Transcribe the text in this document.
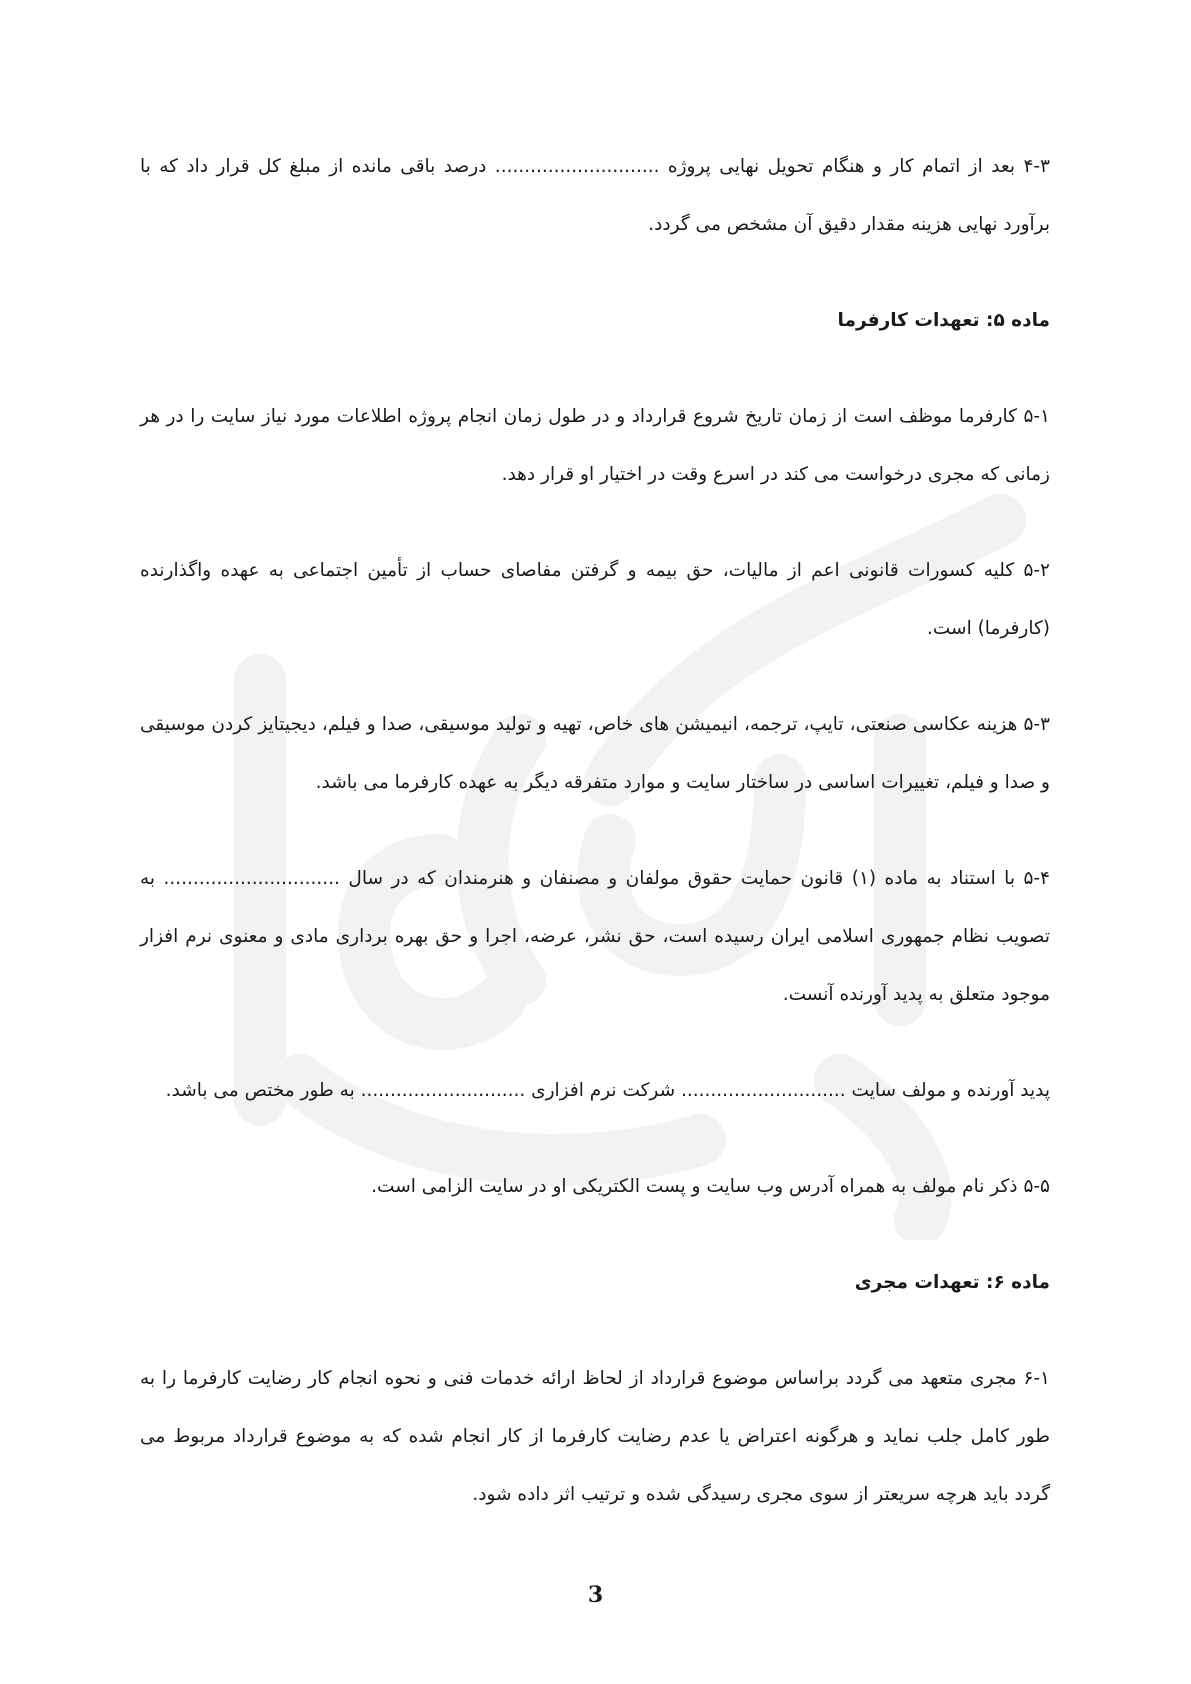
۴-۳ بعد از اتمام کار و هنگام تحویل نهایی پروژه ............................ درصد باقی مانده از مبلغ کل قرار داد که با برآورد نهایی هزینه مقدار دقیق آن مشخص می گردد.

ماده ۵: تعهدات کارفرما

۵-۱ کارفرما موظف است از زمان تاریخ شروع قرارداد و در طول زمان انجام پروژه اطلاعات مورد نیاز سایت را در هر زمانی که مجری درخواست می کند در اسرع وقت در اختیار او قرار دهد.

۵-۲ کلیه کسورات قانونی اعم از مالیات، حق بیمه و گرفتن مفاصای حساب از تأمین اجتماعی به عهده واگذارنده (کارفرما) است.

۵-۳ هزینه عکاسی صنعتی، تایپ، ترجمه، انیمیشن های خاص، تهیه و تولید موسیقی، صدا و فیلم، دیجیتایز کردن موسیقی و صدا و فیلم، تغییرات اساسی در ساختار سایت و موارد متفرقه دیگر به عهده کارفرما می باشد.

۵-۴ با استناد به ماده (۱) قانون حمایت حقوق مولفان و مصنفان و هنرمندان که در سال .............................. به تصویب نظام جمهوری اسلامی ایران رسیده است، حق نشر، عرضه، اجرا و حق بهره برداری مادی و معنوی نرم افزار موجود متعلق به پدید آورنده آنست.

پدید آورنده و مولف سایت ............................ شرکت نرم افزاری ............................ به طور مختص می باشد.

۵-۵ ذکر نام مولف به همراه آدرس وب سایت و پست الکتریکی او در سایت الزامی است.

ماده ۶: تعهدات مجری

۶-۱ مجری متعهد می گردد براساس موضوع قرارداد از لحاظ ارائه خدمات فنی و نحوه انجام کار رضایت کارفرما را به طور کامل جلب نماید و هرگونه اعتراض یا عدم رضایت کارفرما از کار انجام شده که به موضوع قرارداد مربوط می گردد باید هرچه سریعتر از سوی مجری رسیدگی شده و ترتیب اثر داده شود.

3
